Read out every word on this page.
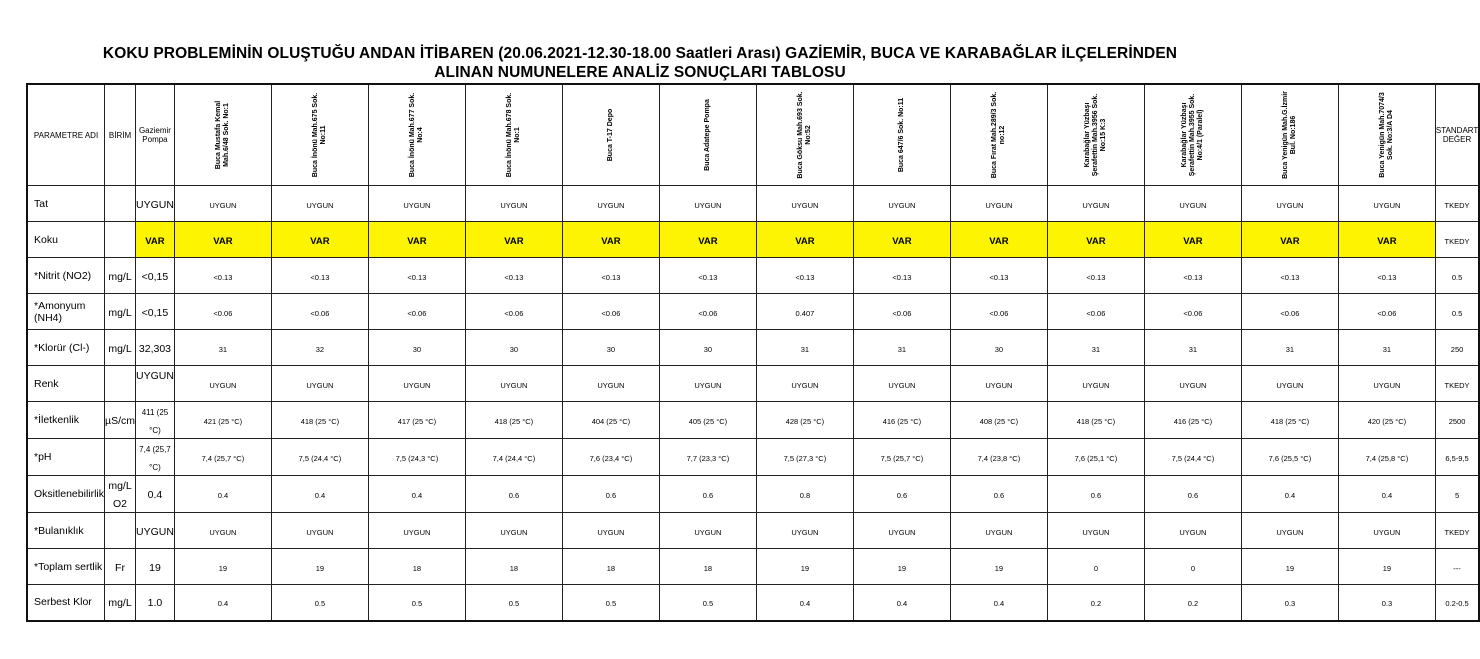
KOKU PROBLEMİNİN OLUŞTUĞU ANDAN İTİBAREN (20.06.2021-12.30-18.00 Saatleri Arası) GAZİEMİR, BUCA VE KARABAĞLAR İLÇELERİNDEN
ALINAN NUMUNELERE ANALİZ SONUÇLARI TABLOSU
PARAMETRE ADI	BİRİM	Gaziemir Pompa	Buca Mustafa Kemal Mah.6/48 Sok. No:1	Buca İnönü Mah.675 Sok. No:11	Buca İnönü Mah.677 Sok. No:4	Buca İnönü Mah.678 Sok. No:1	Buca T-17 Depo	Buca Adatepe Pompa	Buca Göksu Mah.693 Sok. No:52	Buca 647/6 Sok. No:11	Buca Fırat Mah.289/3 Sok. no:12	Karabağlar Yüzbaşı Şerafettin Mah.3956 Sok. No:15 K:3	Karabağlar Yüzbaşı Şerafettin Mah.3955 Sok. No:4/1 (Paralel)	Buca Yenigün Mah.G.İzmir Bul. No:186	Buca Yenigün Mah.7074/3 Sok. No:3/A D4	STANDART DEĞER
Tat		UYGUN	UYGUN	UYGUN	UYGUN	UYGUN	UYGUN	UYGUN	UYGUN	UYGUN	UYGUN	UYGUN	UYGUN	UYGUN	UYGUN	TKEDY
Koku		VAR	VAR	VAR	VAR	VAR	VAR	VAR	VAR	VAR	VAR	VAR	VAR	VAR	VAR	TKEDY
*Nitrit (NO2)	mg/L	<0,15	<0.13	<0.13	<0.13	<0.13	<0.13	<0.13	<0.13	<0.13	<0.13	<0.13	<0.13	<0.13	<0.13	0.5
*Amonyum (NH4)	mg/L	<0,15	<0.06	<0.06	<0.06	<0.06	<0.06	<0.06	0.407	<0.06	<0.06	<0.06	<0.06	<0.06	<0.06	0.5
*Klorür (Cl-)	mg/L	32,303	31	32	30	30	30	30	31	31	30	31	31	31	31	250
Renk		UYGUN	UYGUN	UYGUN	UYGUN	UYGUN	UYGUN	UYGUN	UYGUN	UYGUN	UYGUN	UYGUN	UYGUN	UYGUN	UYGUN	TKEDY
*İletkenlik	µS/cm	411 (25 °C)	421 (25 °C)	418 (25 °C)	417 (25 °C)	418 (25 °C)	404 (25 °C)	405 (25 °C)	428 (25 °C)	416 (25 °C)	408 (25 °C)	418 (25 °C)	416 (25 °C)	418 (25 °C)	420 (25 °C)	2500
*pH		7,4 (25,7 °C)	7,4 (25,7 °C)	7,5 (24,4 °C)	7,5 (24,3 °C)	7,4 (24,4 °C)	7,6 (23,4 °C)	7,7 (23,3 °C)	7,5 (27,3 °C)	7,5 (25,7 °C)	7,4 (23,8 °C)	7,6 (25,1 °C)	7,5 (24,4 °C)	7,6 (25,5 °C)	7,4 (25,8 °C)	6,5-9,5
Oksitlenebilirlik	mg/L O2	0.4	0.4	0.4	0.4	0.6	0.6	0.6	0.8	0.6	0.6	0.6	0.6	0.4	0.4	5
*Bulanıklık		UYGUN	UYGUN	UYGUN	UYGUN	UYGUN	UYGUN	UYGUN	UYGUN	UYGUN	UYGUN	UYGUN	UYGUN	UYGUN	UYGUN	TKEDY
*Toplam sertlik	Fr	19	19	19	18	18	18	18	19	19	19	0	0	19	19	---
Serbest Klor	mg/L	1.0	0.4	0.5	0.5	0.5	0.5	0.5	0.4	0.4	0.4	0.2	0.2	0.3	0.3	0.2-0.5
